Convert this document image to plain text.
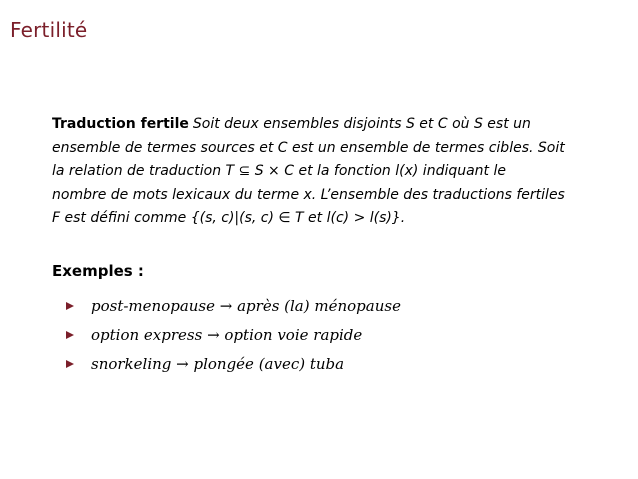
Fertilité
Traduction fertile Soit deux ensembles disjoints S et C où S est un
ensemble de termes sources et C est un ensemble de termes cibles. Soit
la relation de traduction T ⊆ S × C et la fonction l(x) indiquant le
nombre de mots lexicaux du terme x. L’ensemble des traductions fertiles
F est défini comme {(s, c)|(s, c) ∈ T et l(c) > l(s)}.
Exemples :
post-menopause → après (la) ménopause
option express → option voie rapide
snorkeling → plongée (avec) tuba
